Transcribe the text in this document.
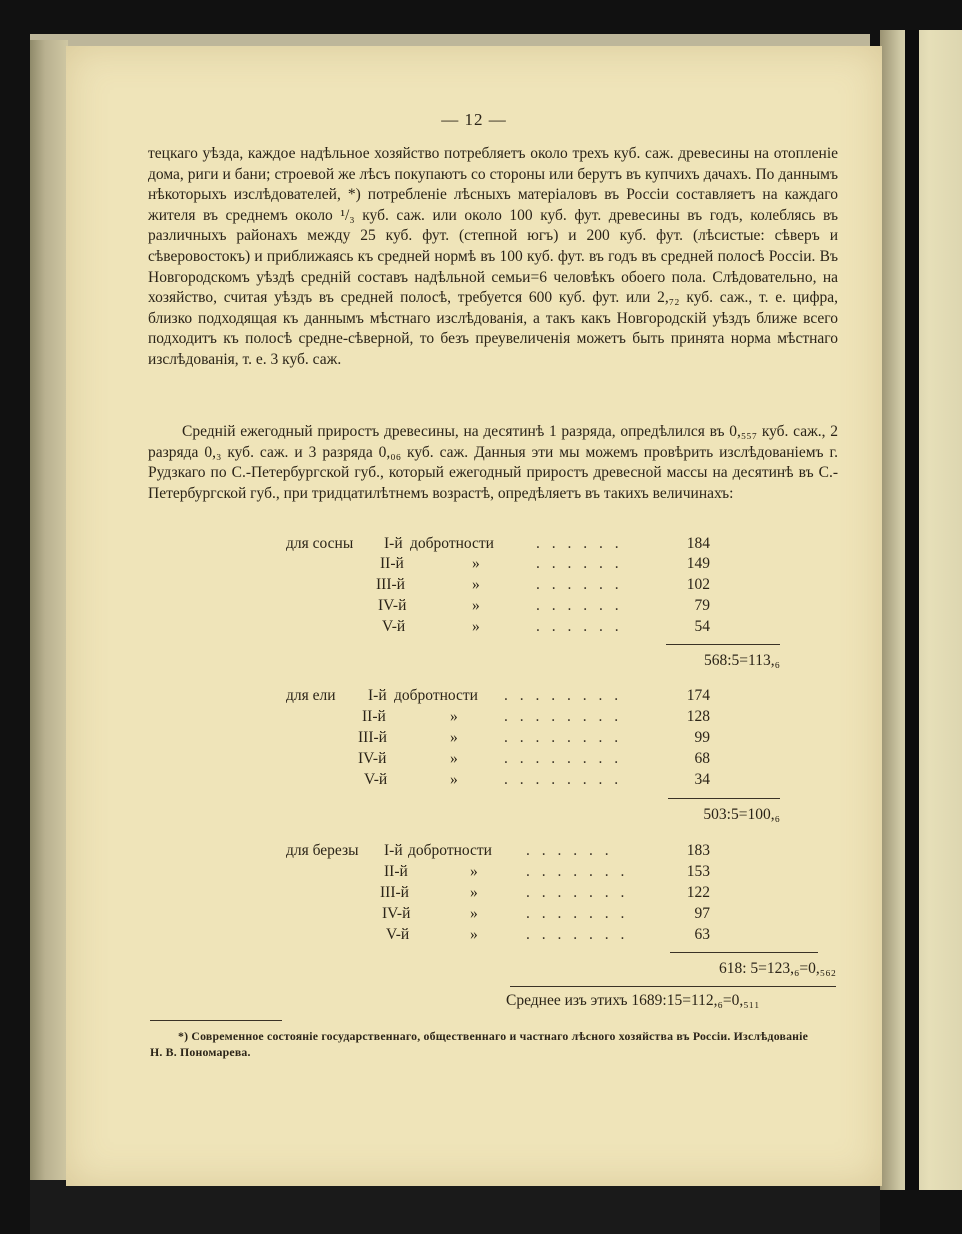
— 12 —

тецкаго уѣзда, каждое надѣльное хозяйство потребляетъ около трехъ куб. саж. древесины на отопленіе дома, риги и бани; строевой же лѣсъ покупаютъ со стороны или берутъ въ купчихъ дачахъ. По даннымъ нѣкоторыхъ изслѣдователей, *) потребленіе лѣсныхъ матеріаловъ въ Россіи составляетъ на каждаго жителя въ среднемъ около ¹/₃ куб. саж. или около 100 куб. фут. древесины въ годъ, колеблясь въ различныхъ районахъ между 25 куб. фут. (степной югъ) и 200 куб. фут. (лѣсистые: сѣверъ и сѣверовостокъ) и приближаясь къ средней нормѣ въ 100 куб. фут. въ годъ въ средней полосѣ Россіи. Въ Новгородскомъ уѣздѣ средній составъ надѣльной семьи=6 человѣкъ обоего пола. Слѣдовательно, на хозяйство, считая уѣздъ въ средней полосѣ, требуется 600 куб. фут. или 2,₇₂ куб. саж., т. е. цифра, близко подходящая къ даннымъ мѣстнаго изслѣдованія, а такъ какъ Новгородскій уѣздъ ближе всего подходитъ къ полосѣ средне-сѣверной, то безъ преувеличенія можетъ быть принята норма мѣстнаго изслѣдованія, т. е. 3 куб. саж.

Средній ежегодный приростъ древесины, на десятинѣ 1 разряда, опредѣлился въ 0,₅₅₇ куб. саж., 2 разряда 0,₃ куб. саж. и 3 разряда 0,₀₆ куб. саж. Данныя эти мы можемъ провѣрить изслѣдованіемъ г. Рудзкаго по С.-Петербургской губ., который ежегодный приростъ древесной массы на десятинѣ въ С.-Петербургской губ., при тридцатилѣтнемъ возрастѣ, опредѣляетъ въ такихъ величинахъ:

для сосны I-й добротности	. . . . . .	184
II-й	»	. . . . . .	149
III-й	»	. . . . . .	102
IV-й	»	. . . . . .	79
V-й	»	. . . . . .	54
568:5=113,₆
для ели I-й добротности . . . . . . . .	174
II-й	»	. . . . . . . .	128
III-й	»	. . . . . . . .	99
IV-й	»	. . . . . . . .	68
V-й	»	. . . . . . . .	34
503:5=100,₆
для березы I-й добротности . . . . . .	183
II-й	»	. . . . . . .	153
III-й	»	. . . . . . .	122
IV-й	»	. . . . . . .	97
V-й	»	. . . . . . .	63
618: 5=123,₆=0,₅₆₂
Среднее изъ этихъ 1689:15=112,₆=0,₅₁₁
*) Современное состояніе государственнаго, общественнаго и частнаго лѣсного хозяйства въ Россіи. Изслѣдованіе
Н. В. Пономарева.
